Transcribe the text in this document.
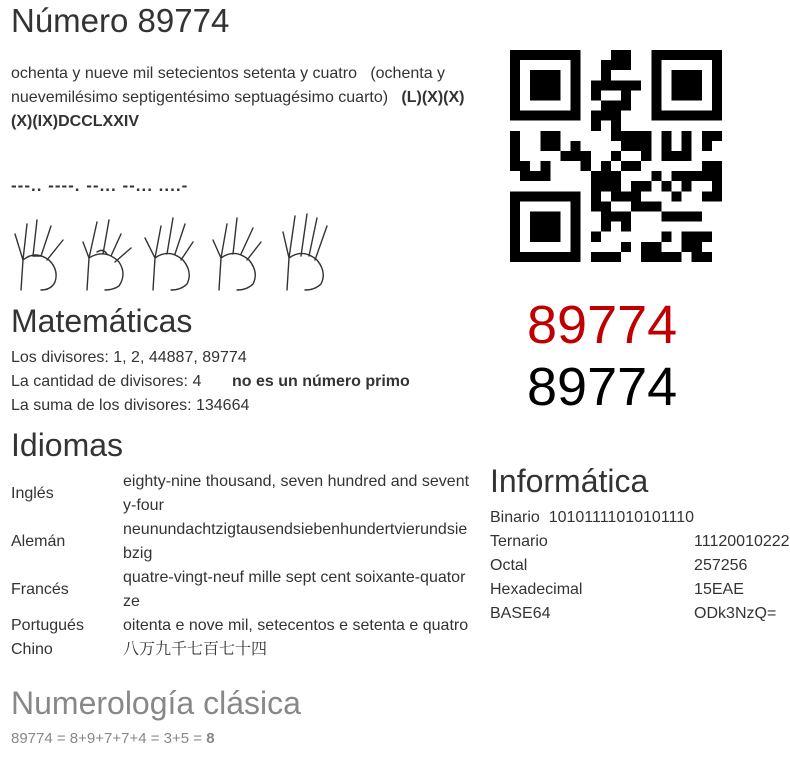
Número 89774
ochenta y nueve mil setecientos setenta y cuatro (ochenta y nuevemilésimo septigentésimo septuagésimo cuarto) (L)(X)(X)(X)(IX)DCCLXXIV
---.. ----. --... --... ....-
Matemáticas
Los divisores: 1, 2, 44887, 89774
La cantidad de divisores: 4 no es un número primo
La suma de los divisores: 134664
Idiomas
Inglés	eighty-nine thousand, seven hundred and seventy-four
Alemán	neunundachtzigtausendsiebenhundertvierundsiebzig
Francés	quatre-vingt-neuf mille sept cent soixante-quatorze
Portugués	oitenta e nove mil, setecentos e setenta e quatro
Chino	八万九千七百七十四
Numerología clásica
89774 = 8+9+7+7+4 = 3+5 = 8
89774
89774
Informática
Binario 10101111010101110	
Ternario	11120010222
Octal	257256
Hexadecimal	15EAE
BASE64	ODk3NzQ=
